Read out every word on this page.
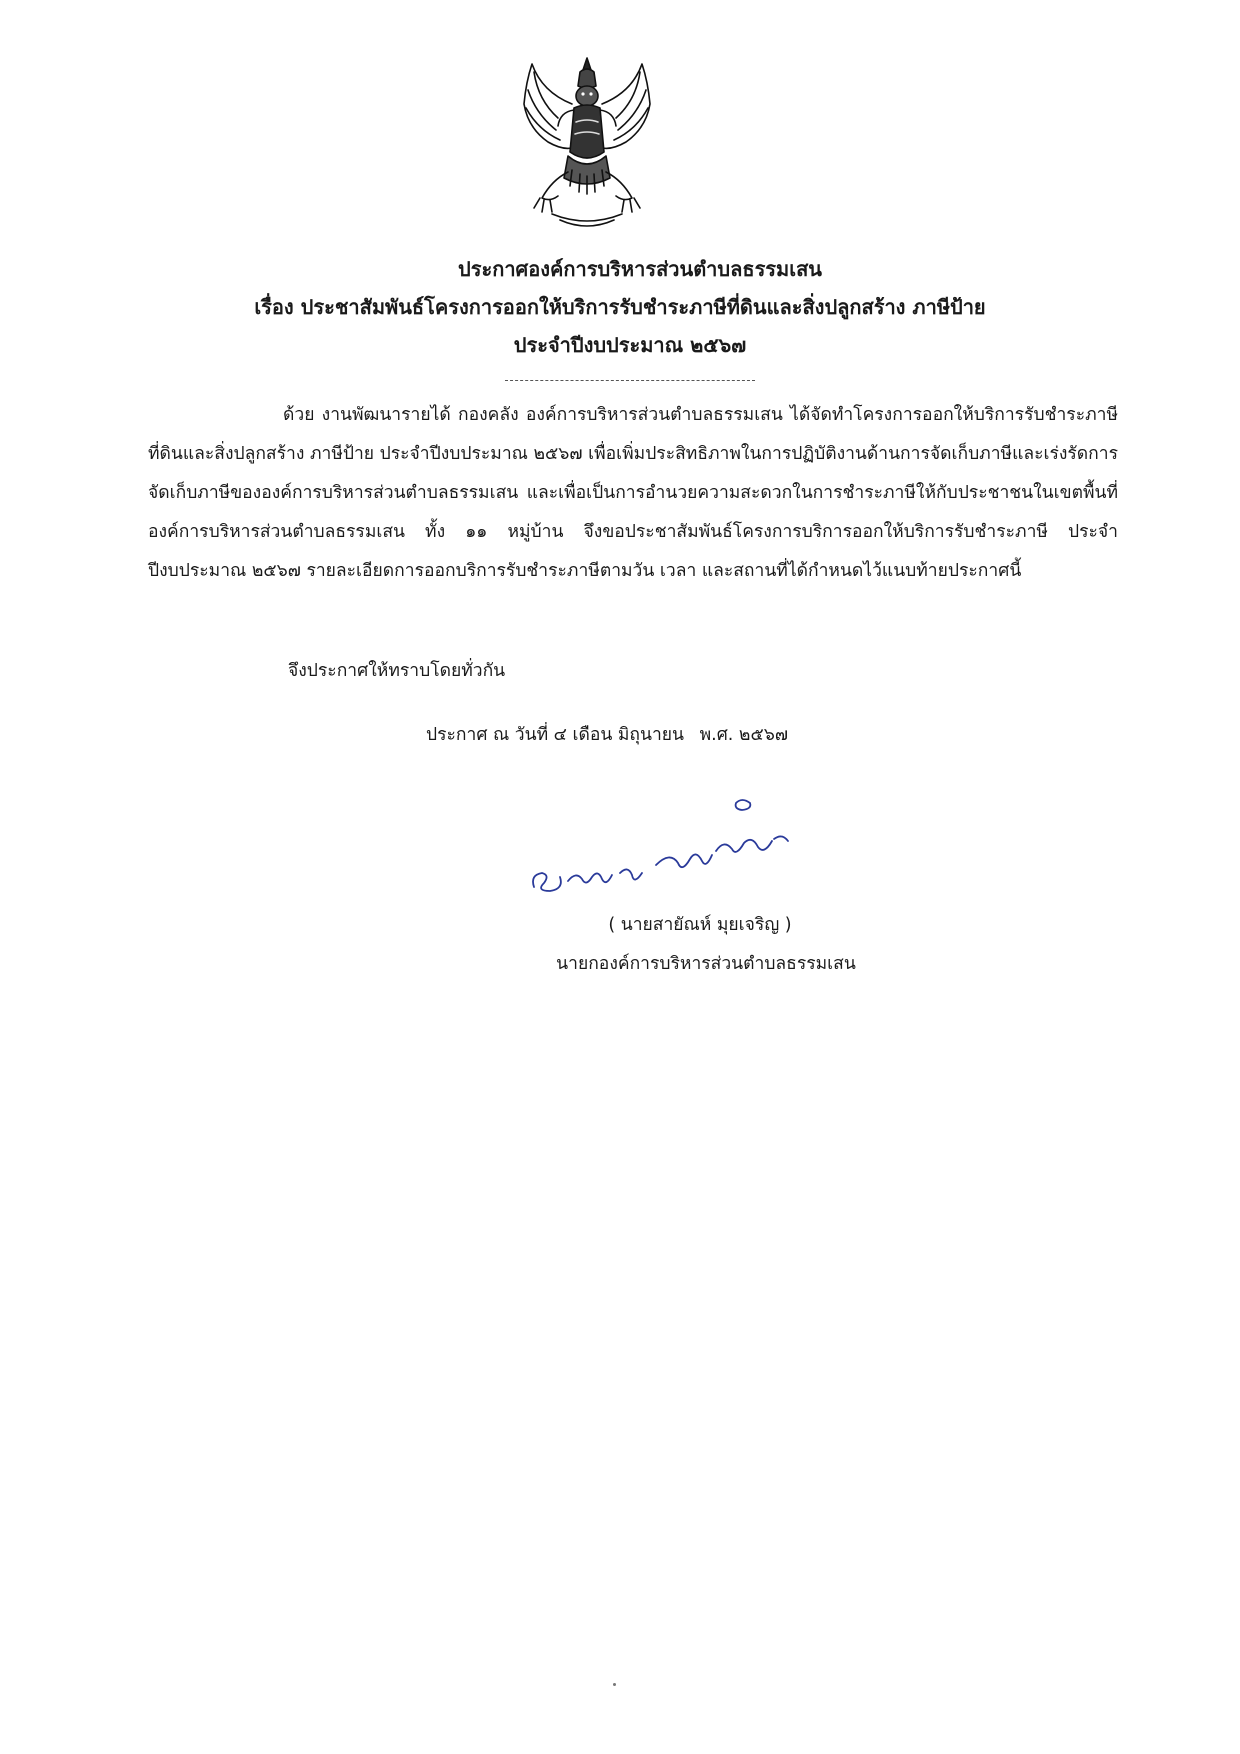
ประกาศองค์การบริหารส่วนตำบลธรรมเสน
เรื่อง ประชาสัมพันธ์โครงการออกให้บริการรับชำระภาษีที่ดินและสิ่งปลูกสร้าง ภาษีป้าย
ประจำปีงบประมาณ ๒๕๖๗
ด้วย งานพัฒนารายได้ กองคลัง องค์การบริหารส่วนตำบลธรรมเสน ได้จัดทำโครงการออกให้บริการรับชำระภาษีที่ดินและสิ่งปลูกสร้าง ภาษีป้าย ประจำปีงบประมาณ ๒๕๖๗ เพื่อเพิ่มประสิทธิภาพในการปฏิบัติงานด้านการจัดเก็บภาษีและเร่งรัดการจัดเก็บภาษีขององค์การบริหารส่วนตำบลธรรมเสน และเพื่อเป็นการอำนวยความสะดวกในการชำระภาษีให้กับประชาชนในเขตพื้นที่องค์การบริหารส่วนตำบลธรรมเสน ทั้ง ๑๑ หมู่บ้าน จึงขอประชาสัมพันธ์โครงการบริการออกให้บริการรับชำระภาษี ประจำปีงบประมาณ ๒๕๖๗ รายละเอียดการออกบริการรับชำระภาษีตามวัน เวลา และสถานที่ได้กำหนดไว้แนบท้ายประกาศนี้
จึงประกาศให้ทราบโดยทั่วกัน
ประกาศ ณ วันที่ ๔ เดือน มิถุนายน พ.ศ. ๒๕๖๗
( นายสายัณห์ มุยเจริญ )
นายกองค์การบริหารส่วนตำบลธรรมเสน
